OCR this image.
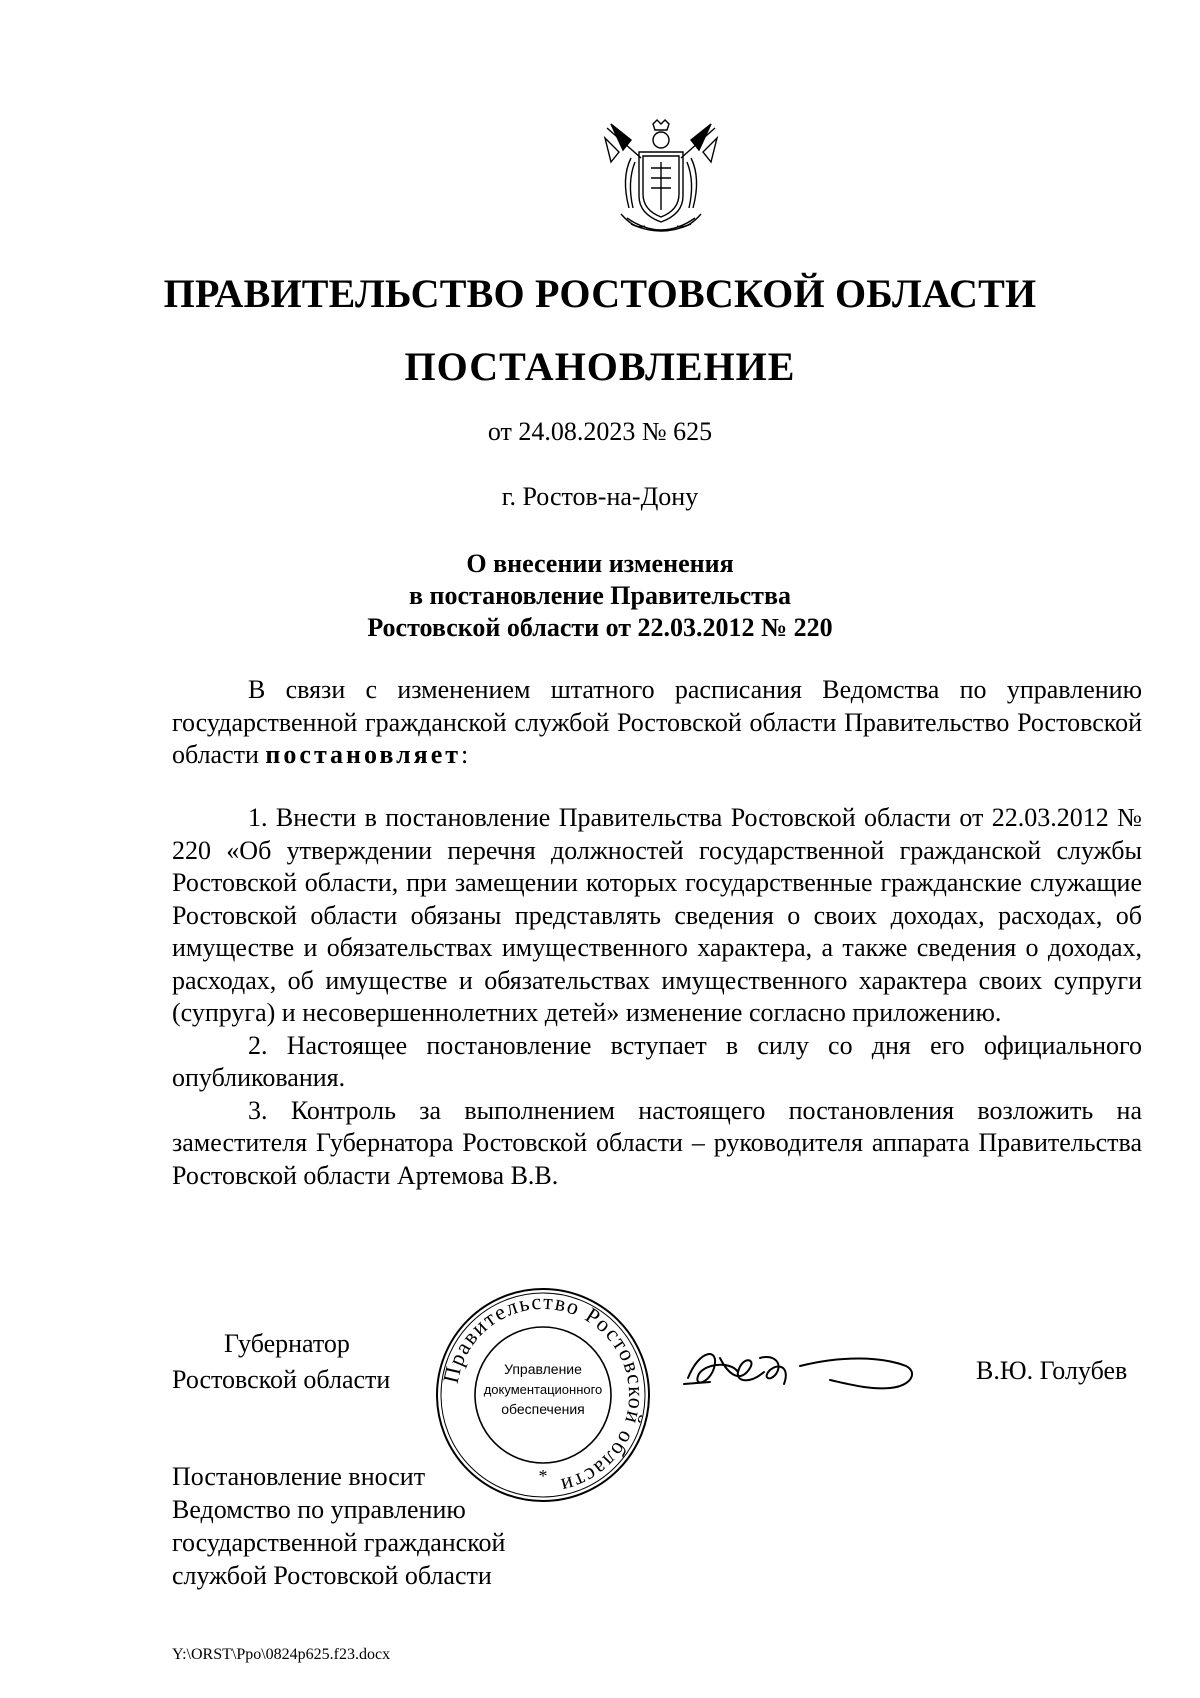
ПРАВИТЕЛЬСТВО РОСТОВСКОЙ ОБЛАСТИ
ПОСТАНОВЛЕНИЕ
от 24.08.2023 № 625
г. Ростов-на-Дону
О внесении изменения
в постановление Правительства
Ростовской области от 22.03.2012 № 220

В связи с изменением штатного расписания Ведомства по управлению государственной гражданской службой Ростовской области Правительство Ростовской области постановляет:

1. Внести в постановление Правительства Ростовской области от 22.03.2012 № 220 «Об утверждении перечня должностей государственной гражданской службы Ростовской области, при замещении которых государственные гражданские служащие Ростовской области обязаны представлять сведения о своих доходах, расходах, об имуществе и обязательствах имущественного характера, а также сведения о доходах, расходах, об имуществе и обязательствах имущественного характера своих супруги (супруга) и несовершеннолетних детей» изменение согласно приложению.

2. Настоящее постановление вступает в силу со дня его официального опубликования.

3. Контроль за выполнением настоящего постановления возложить на заместителя Губернатора Ростовской области – руководителя аппарата Правительства Ростовской области Артемова В.В.

Губернатор
Ростовской области Правительство Ростовской области
Управление
документационного
обеспечения
*
В.Ю. Голубев
Постановление вносит
Ведомство по управлению
государственной гражданской
службой Ростовской области
Y:\ORST\Ppo\0824p625.f23.docx
